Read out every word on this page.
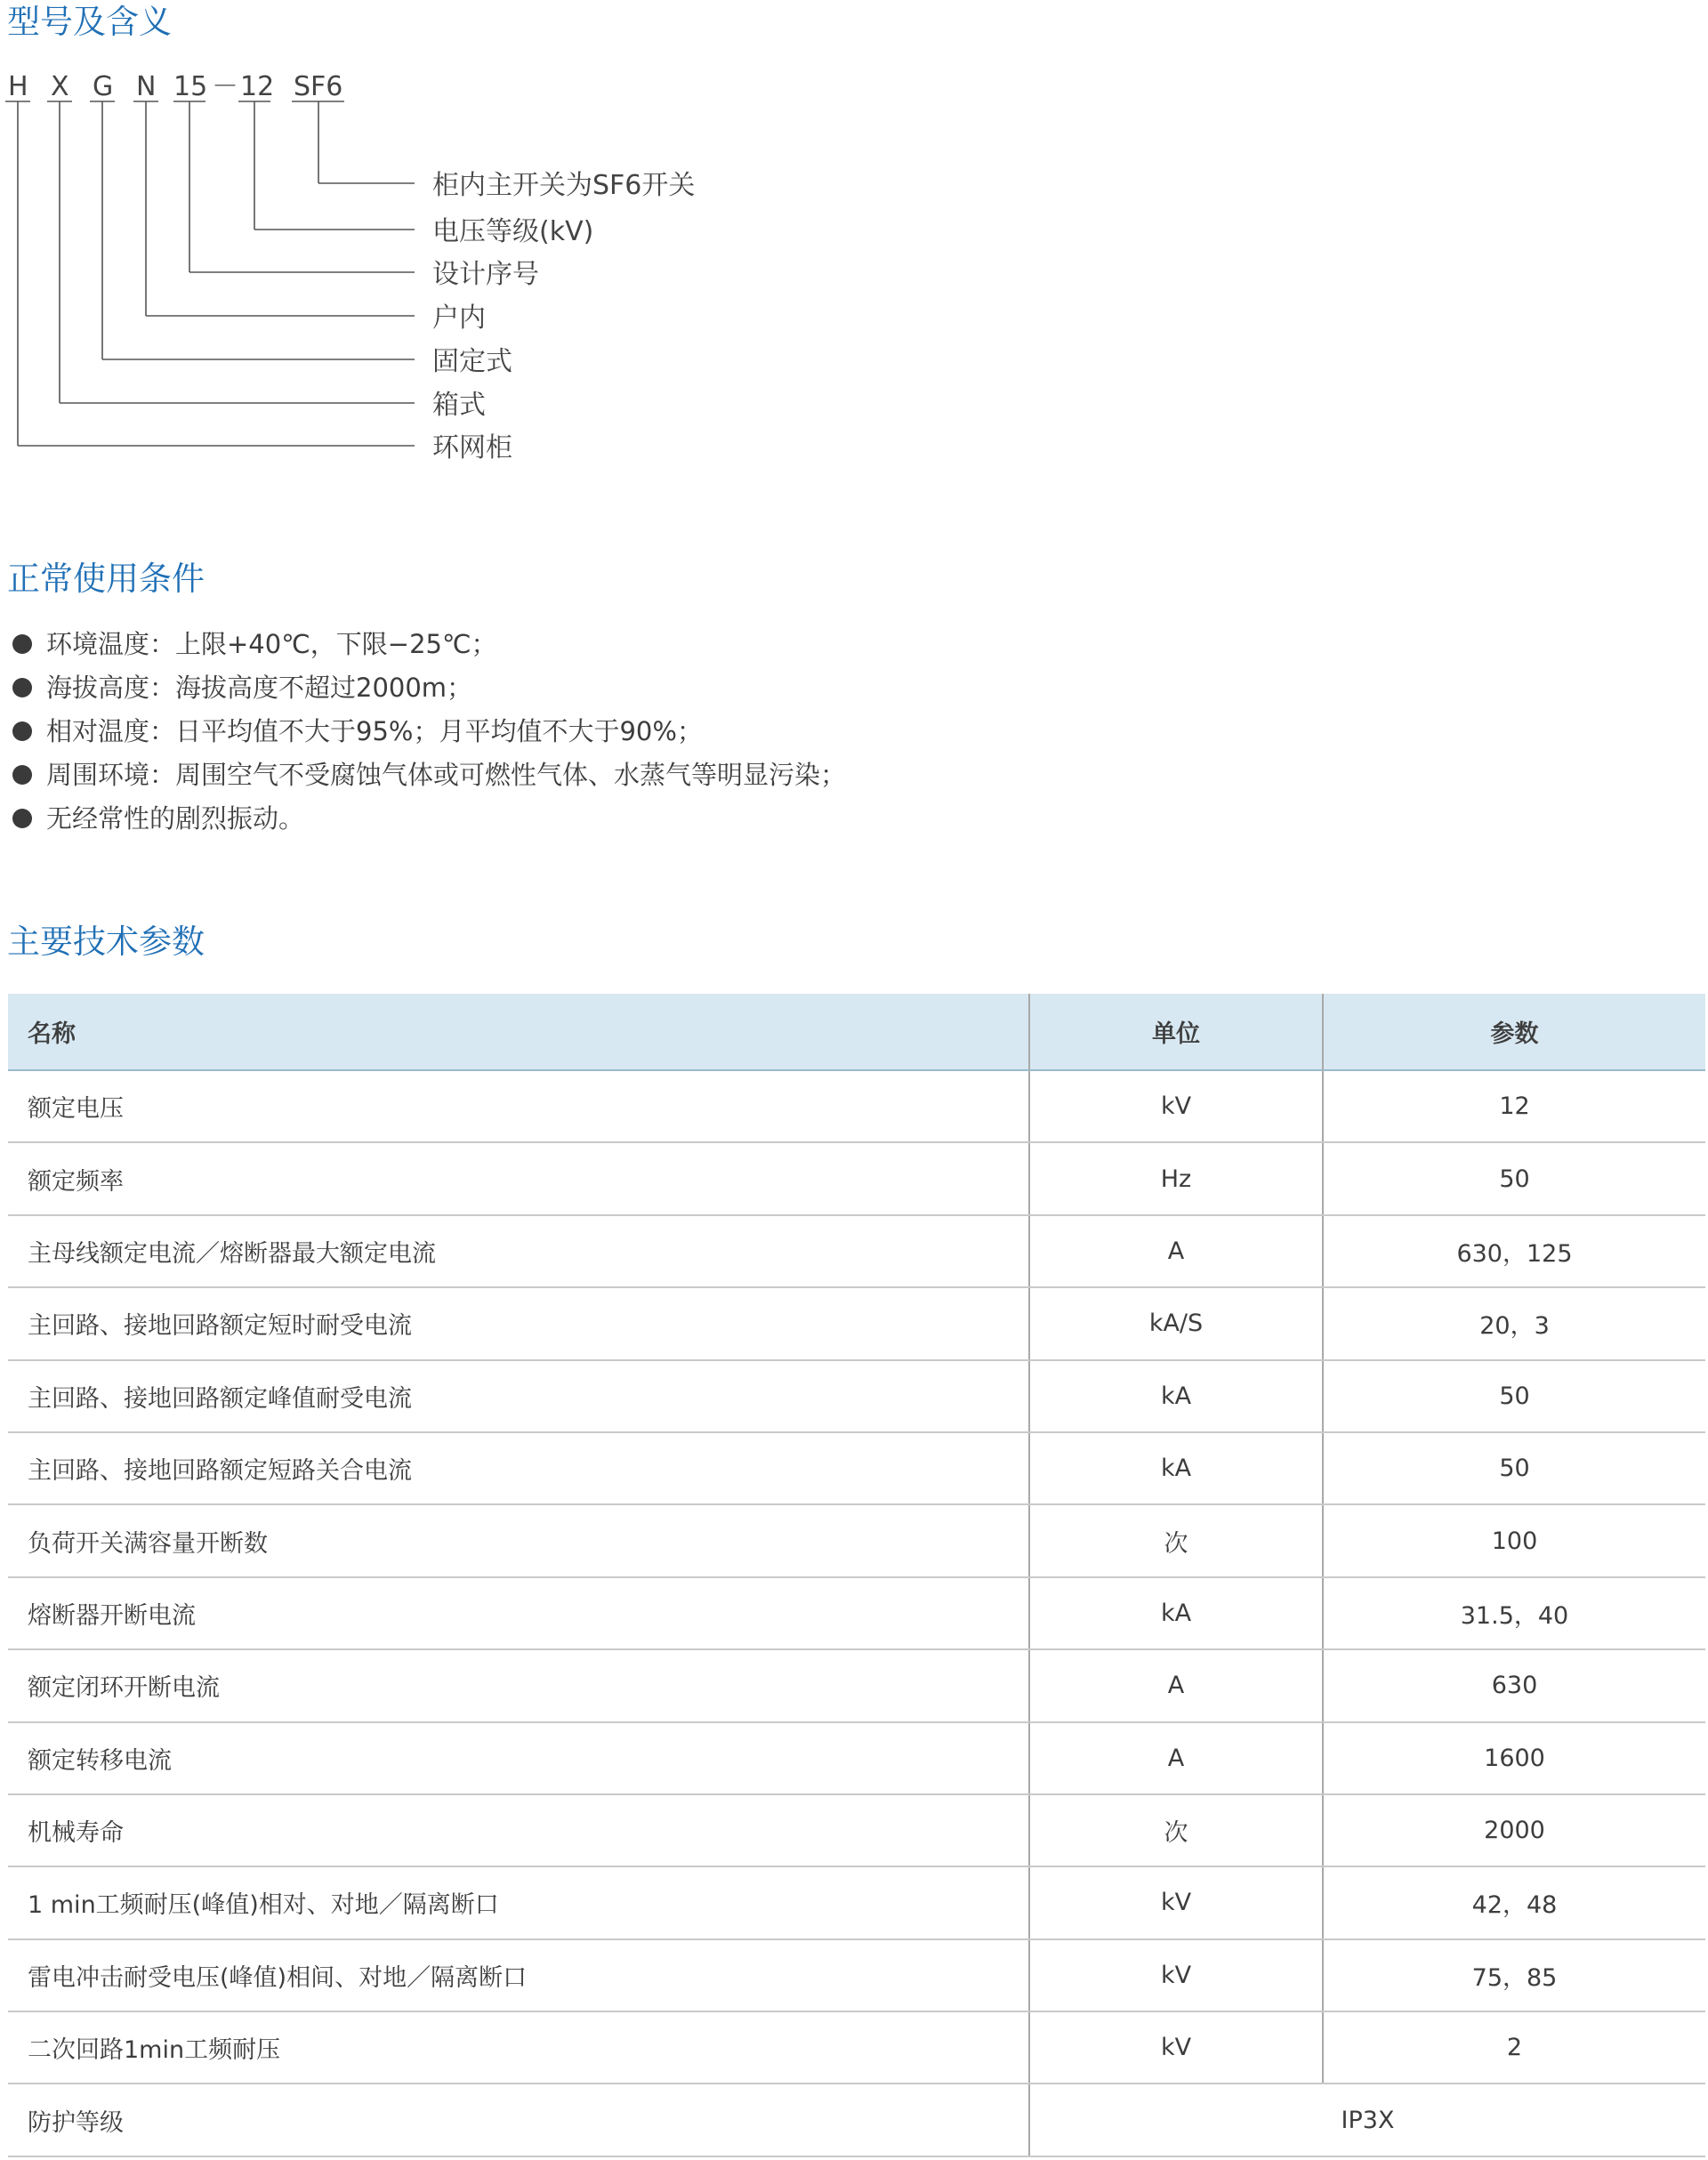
型号及含义
H X G N 15 － 12 SF6
柜内主开关为SF6开关
电压等级(kV)
设计序号
户内
固定式
箱式
环网柜
正常使用条件
环境温度：上限+40℃，下限−25℃；
海拔高度：海拔高度不超过2000m；
相对温度：日平均值不大于95%；月平均值不大于90%；
周围环境：周围空气不受腐蚀气体或可燃性气体、水蒸气等明显污染；
无经常性的剧烈振动。
主要技术参数
名称	单位	参数
额定电压	kV	12
额定频率	Hz	50
主母线额定电流／熔断器最大额定电流	A	630，125
主回路、接地回路额定短时耐受电流	kA/S	20，3
主回路、接地回路额定峰值耐受电流	kA	50
主回路、接地回路额定短路关合电流	kA	50
负荷开关满容量开断数	次	100
熔断器开断电流	kA	31.5，40
额定闭环开断电流	A	630
额定转移电流	A	1600
机械寿命	次	2000
1 min工频耐压(峰值)相对、对地／隔离断口	kV	42，48
雷电冲击耐受电压(峰值)相间、对地／隔离断口	kV	75，85
二次回路1min工频耐压	kV	2
防护等级	IP3X	
